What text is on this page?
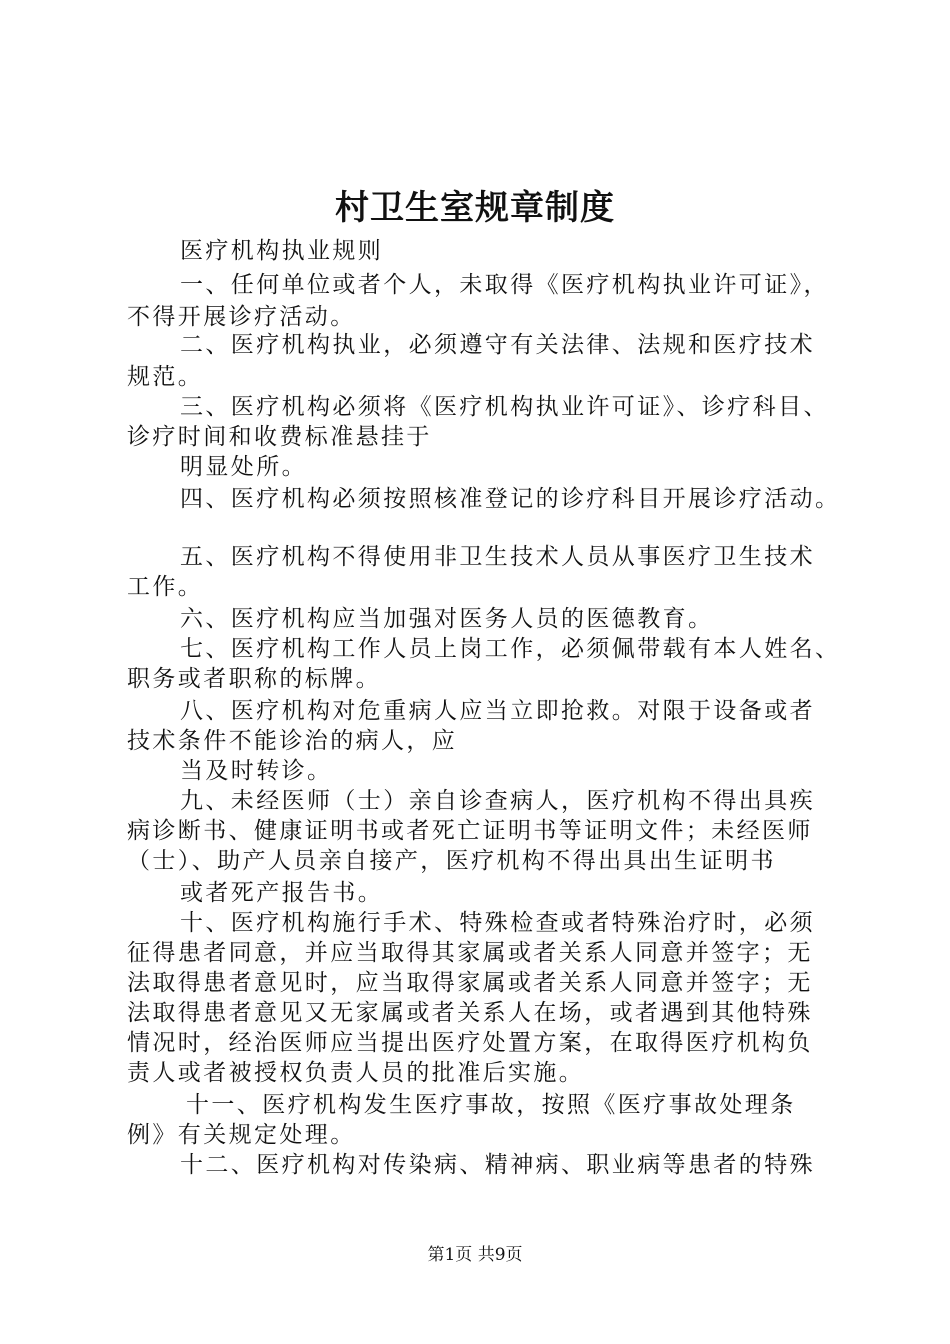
村卫生室规章制度
医疗机构执业规则
一、任何单位或者个人，未取得《医疗机构执业许可证》，
不得开展诊疗活动。
二、医疗机构执业，必须遵守有关法律、法规和医疗技术
规范。
三、医疗机构必须将《医疗机构执业许可证》、诊疗科目、
诊疗时间和收费标准悬挂于
明显处所。
四、医疗机构必须按照核准登记的诊疗科目开展诊疗活动。
五、医疗机构不得使用非卫生技术人员从事医疗卫生技术
工作。
六、医疗机构应当加强对医务人员的医德教育。
七、医疗机构工作人员上岗工作，必须佩带载有本人姓名、
职务或者职称的标牌。
八、医疗机构对危重病人应当立即抢救。对限于设备或者
技术条件不能诊治的病人，应
当及时转诊。
九、未经医师（士）亲自诊查病人，医疗机构不得出具疾
病诊断书、健康证明书或者死亡证明书等证明文件；未经医师
（士）、助产人员亲自接产，医疗机构不得出具出生证明书
或者死产报告书。
十、医疗机构施行手术、特殊检查或者特殊治疗时，必须
征得患者同意，并应当取得其家属或者关系人同意并签字；无
法取得患者意见时，应当取得家属或者关系人同意并签字；无
法取得患者意见又无家属或者关系人在场，或者遇到其他特殊
情况时，经治医师应当提出医疗处置方案，在取得医疗机构负
责人或者被授权负责人员的批准后实施。
十一、医疗机构发生医疗事故，按照《医疗事故处理条
例》有关规定处理。
十二、医疗机构对传染病、精神病、职业病等患者的特殊
第1页 共9页
